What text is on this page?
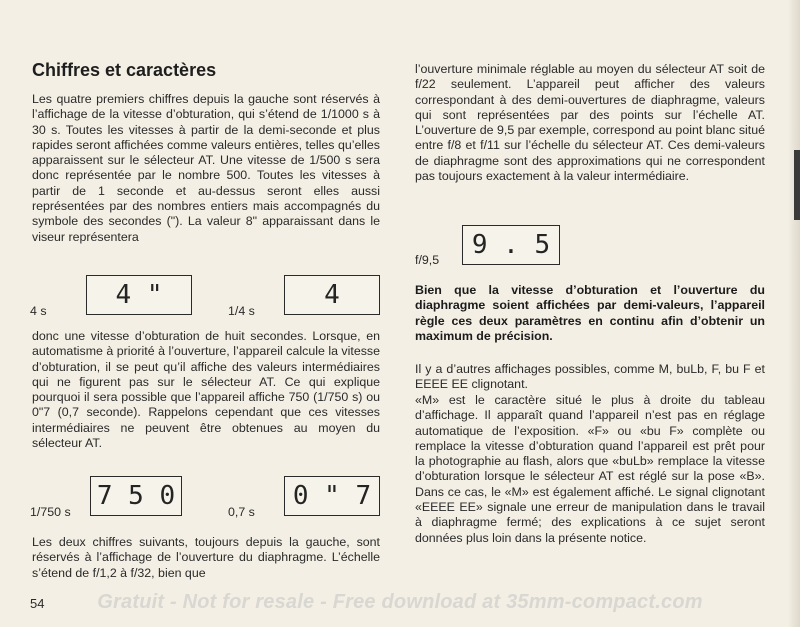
Chiffres et caractères

Les quatre premiers chiffres depuis la gauche sont réservés à l’affichage de la vitesse d’obturation, qui s’étend de 1/1000 s à 30 s. Toutes les vitesses à partir de la demi-seconde et plus rapides seront affichées comme valeurs entières, telles qu’elles apparaissent sur le sélecteur AT. Une vitesse de 1/500 s sera donc représentée par le nombre 500. Toutes les vitesses à partir de 1 seconde et au-dessus seront elles aussi représentées par des nombres entiers mais accompagnés du symbole des secondes ("). La valeur 8" apparaissant dans le viseur représentera

4 s
4 "
1/4 s
4

donc une vitesse d’obturation de huit secondes. Lorsque, en automatisme à priorité à l’ouverture, l’appareil calcule la vitesse d’obturation, il se peut qu’il affiche des valeurs intermédiaires qui ne figurent pas sur le sélecteur AT. Ce qui explique pourquoi il sera possible que l’appareil affiche 750 (1/750 s) ou 0"7 (0,7 seconde). Rappelons cependant que ces vitesses intermédiaires ne peuvent être obtenues au moyen du sélecteur AT.

1/750 s
7 5 0
0,7 s
0 " 7

Les deux chiffres suivants, toujours depuis la gauche, sont réservés à l’affichage de l’ouverture du diaphragme. L’échelle s’étend de f/1,2 à f/32, bien que

l’ouverture minimale réglable au moyen du sélecteur AT soit de f/22 seulement. L’appareil peut afficher des valeurs correspondant à des demi-ouvertures de diaphragme, valeurs qui sont représentées par des points sur l’échelle AT. L’ouverture de 9,5 par exemple, correspond au point blanc situé entre f/8 et f/11 sur l’échelle du sélecteur AT. Ces demi-valeurs de diaphragme sont des approximations qui ne correspondent pas toujours exactement à la valeur intermédiaire.

f/9,5	9 . 5

Bien que la vitesse d’obturation et l’ouverture du diaphragme soient affichées par demi-valeurs, l’appareil règle ces deux paramètres en continu afin d’obtenir un maximum de précision.

Il y a d’autres affichages possibles, comme M, buLb, F, bu F et EEEE EE clignotant.

«M» est le caractère situé le plus à droite du tableau d’affichage. Il apparaît quand l’appareil n’est pas en réglage automatique de l’exposition. «F» ou «bu F» complète ou remplace la vitesse d’obturation quand l’appareil est prêt pour la photographie au flash, alors que «buLb» remplace la vitesse d’obturation lorsque le sélecteur AT est réglé sur la pose «B». Dans ce cas, le «M» est également affiché. Le signal clignotant «EEEE EE» signale une erreur de manipulation dans le travail à diaphragme fermé; des explications à ce sujet seront données plus loin dans la présente notice.

Gratuit - Not for resale - Free download at 35mm-compact.com
54
